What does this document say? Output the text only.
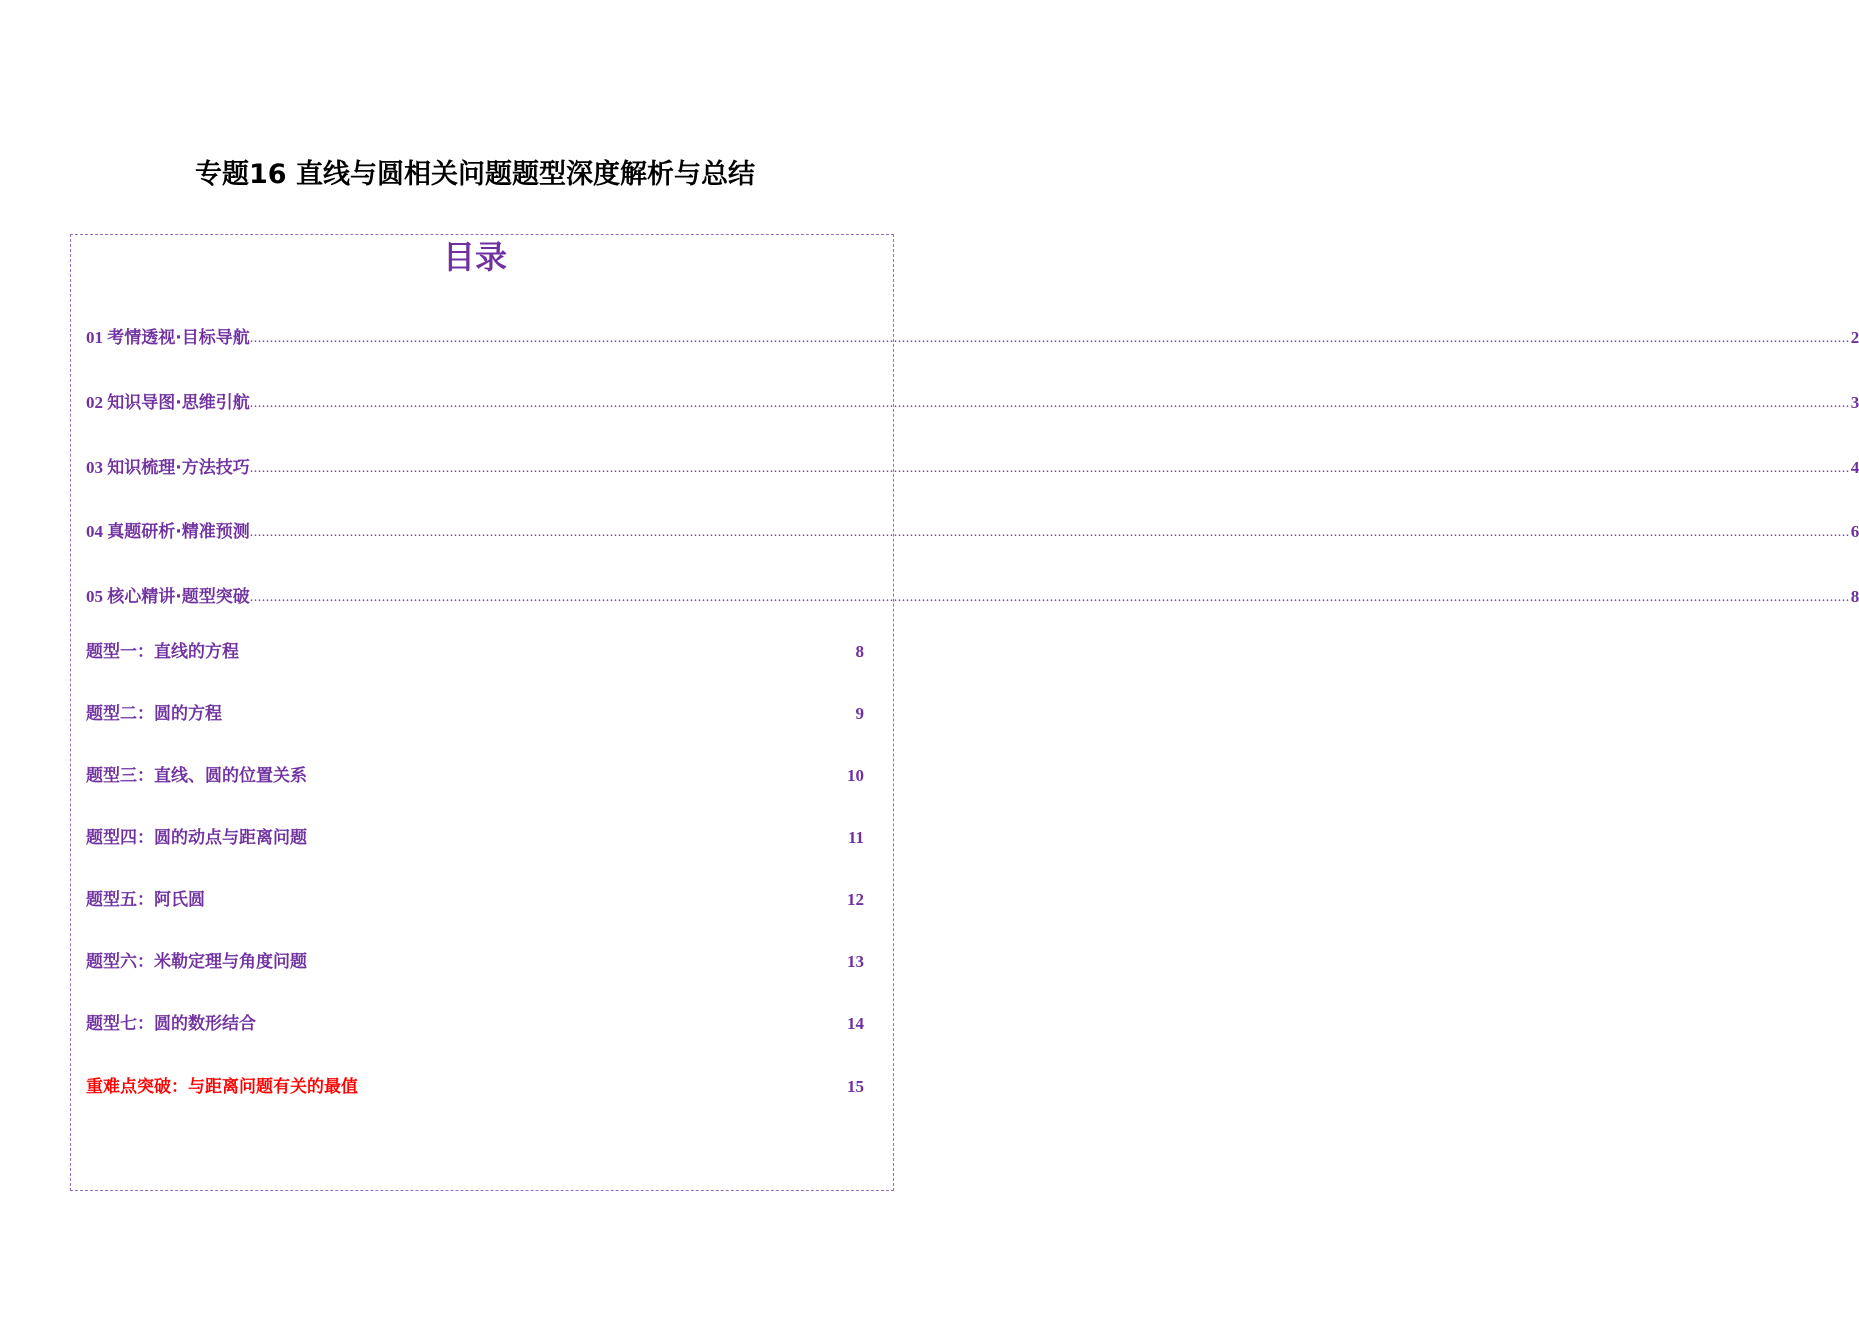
专题16 直线与圆相关问题题型深度解析与总结
目录
01 考情透视·目标导航 ................................................................................................................................................................................................................................................................................................................................................................................................................ 2
02 知识导图·思维引航 ................................................................................................................................................................................................................................................................................................................................................................................................................ 3
03 知识梳理·方法技巧 ................................................................................................................................................................................................................................................................................................................................................................................................................ 4
04 真题研析·精准预测 ................................................................................................................................................................................................................................................................................................................................................................................................................ 6
05 核心精讲·题型突破 ................................................................................................................................................................................................................................................................................................................................................................................................................ 8
题型一：直线的方程	8
题型二：圆的方程	9
题型三：直线、圆的位置关系	10
题型四：圆的动点与距离问题	11
题型五：阿氏圆	12
题型六：米勒定理与角度问题	13
题型七：圆的数形结合	14
重难点突破：与距离问题有关的最值	15
